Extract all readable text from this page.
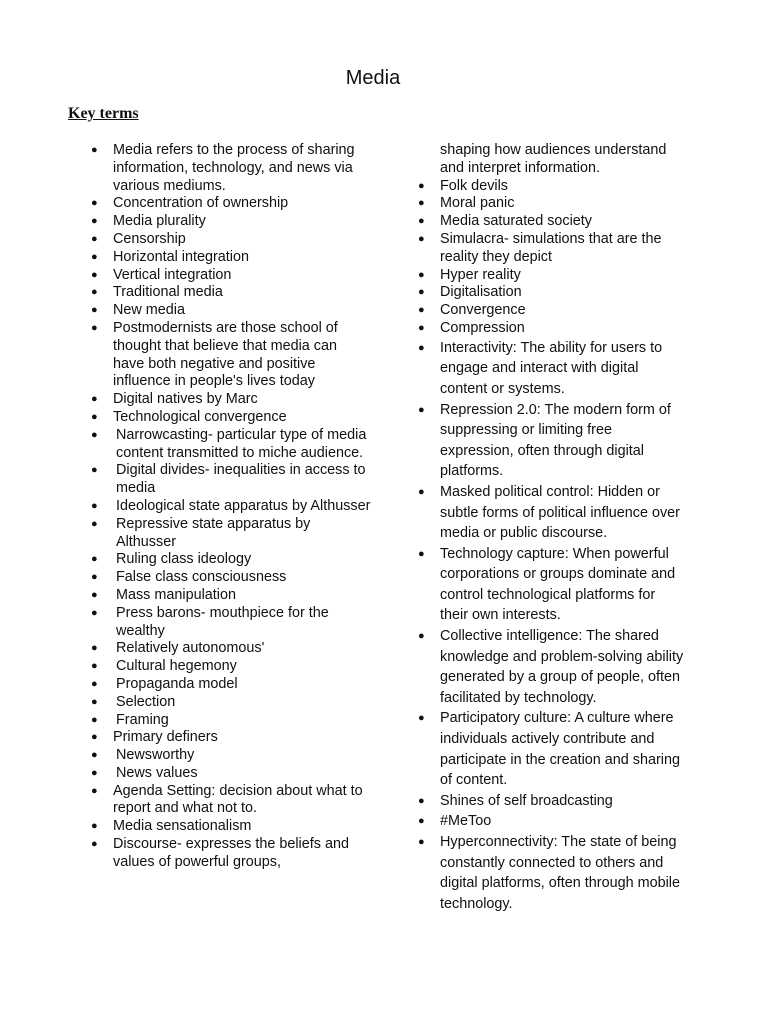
Media
Key terms
● Media refers to the process of sharing information, technology, and news via various mediums.
● Concentration of ownership
● Media plurality
● Censorship
● Horizontal integration
● Vertical integration
● Traditional media
● New media
● Postmodernists are those school of thought that believe that media can have both negative and positive influence in people's lives today
● Digital natives by Marc
● Technological convergence
● Narrowcasting- particular type of media content transmitted to miche audience.
● Digital divides- inequalities in access to media
● Ideological state apparatus by Althusser
● Repressive state apparatus by Althusser
● Ruling class ideology
● False class consciousness
● Mass manipulation
● Press barons- mouthpiece for the wealthy
● Relatively autonomous'
● Cultural hegemony
● Propaganda model
● Selection
● Framing
● Primary definers
● Newsworthy
● News values
● Agenda Setting: decision about what to report and what not to.
● Media sensationalism
● Discourse- expresses the beliefs and values of powerful groups,
shaping how audiences understand and interpret information.
● Folk devils
● Moral panic
● Media saturated society
● Simulacra- simulations that are the reality they depict
● Hyper reality
● Digitalisation
● Convergence
● Compression
● Interactivity: The ability for users to engage and interact with digital content or systems.
● Repression 2.0: The modern form of suppressing or limiting free expression, often through digital platforms.
● Masked political control: Hidden or subtle forms of political influence over media or public discourse.
● Technology capture: When powerful corporations or groups dominate and control technological platforms for their own interests.
● Collective intelligence: The shared knowledge and problem-solving ability generated by a group of people, often facilitated by technology.
● Participatory culture: A culture where individuals actively contribute and participate in the creation and sharing of content.
● Shines of self broadcasting
● #MeToo
● Hyperconnectivity: The state of being constantly connected to others and digital platforms, often through mobile technology.
